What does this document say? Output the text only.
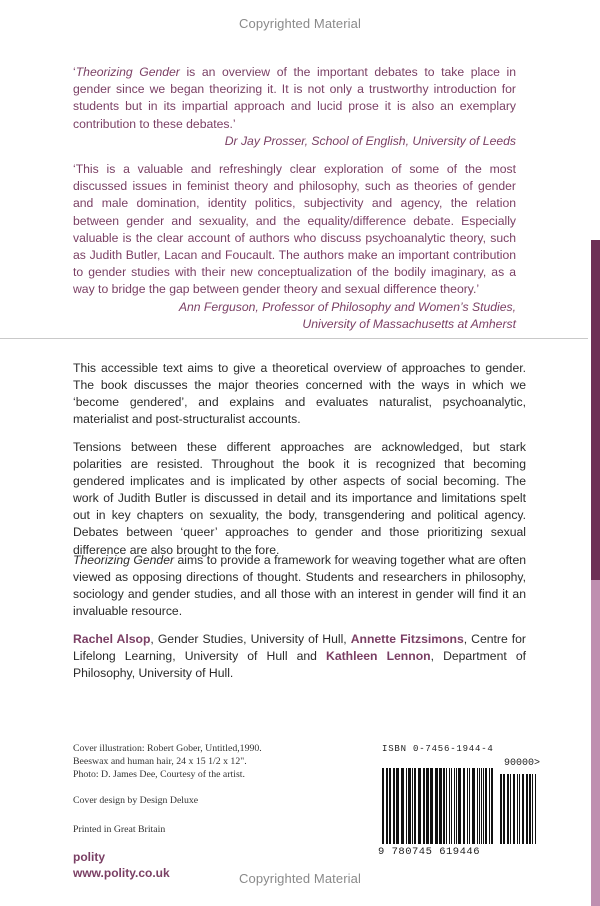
Copyrighted Material
‘Theorizing Gender is an overview of the important debates to take place in gender since we began theorizing it. It is not only a trustworthy introduction for students but in its impartial approach and lucid prose it is also an exemplary contribution to these debates.’
Dr Jay Prosser, School of English, University of Leeds
‘This is a valuable and refreshingly clear exploration of some of the most discussed issues in feminist theory and philosophy, such as theories of gender and male domination, identity politics, subjectivity and agency, the relation between gender and sexuality, and the equality/difference debate. Especially valuable is the clear account of authors who discuss psychoanalytic theory, such as Judith Butler, Lacan and Foucault. The authors make an important contribution to gender studies with their new conceptualization of the bodily imaginary, as a way to bridge the gap between gender theory and sexual difference theory.’
Ann Ferguson, Professor of Philosophy and Women’s Studies,
University of Massachusetts at Amherst
This accessible text aims to give a theoretical overview of approaches to gender. The book discusses the major theories concerned with the ways in which we ‘become gendered’, and explains and evaluates naturalist, psychoanalytic, materialist and post-structuralist accounts.
Tensions between these different approaches are acknowledged, but stark polarities are resisted. Throughout the book it is recognized that becoming gendered implicates and is implicated by other aspects of social becoming. The work of Judith Butler is discussed in detail and its importance and limitations spelt out in key chapters on sexuality, the body, transgendering and political agency. Debates between ‘queer’ approaches to gender and those prioritizing sexual difference are also brought to the fore.
Theorizing Gender aims to provide a framework for weaving together what are often viewed as opposing directions of thought. Students and researchers in philosophy, sociology and gender studies, and all those with an interest in gender will find it an invaluable resource.
Rachel Alsop, Gender Studies, University of Hull, Annette Fitzsimons, Centre for Lifelong Learning, University of Hull and Kathleen Lennon, Department of Philosophy, University of Hull.
Cover illustration: Robert Gober, Untitled,1990.
Beeswax and human hair, 24 x 15 1/2 x 12".
Photo: D. James Dee, Courtesy of the artist.
Cover design by Design Deluxe
Printed in Great Britain
polity
www.polity.co.uk
ISBN 0-7456-1944-4
90000>
9 780745 619446
Copyrighted Material
